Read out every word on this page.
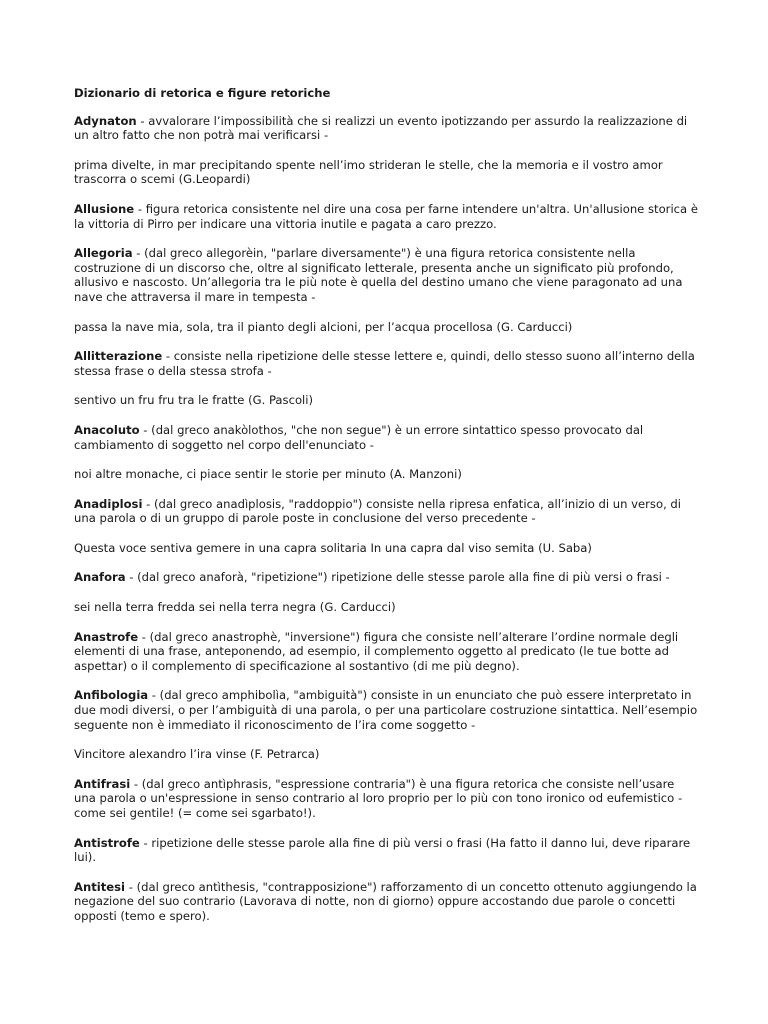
Dizionario di retorica e figure retoriche
Adynaton - avvalorare l’impossibilità che si realizzi un evento ipotizzando per assurdo la realizzazione di un altro fatto che non potrà mai verificarsi -
prima divelte, in mar precipitando spente nell’imo strideran le stelle, che la memoria e il vostro amor trascorra o scemi (G.Leopardi)
Allusione - figura retorica consistente nel dire una cosa per farne intendere un'altra. Un'allusione storica è la vittoria di Pirro per indicare una vittoria inutile e pagata a caro prezzo.
Allegoria - (dal greco allegorèin, "parlare diversamente") è una figura retorica consistente nella costruzione di un discorso che, oltre al significato letterale, presenta anche un significato più profondo, allusivo e nascosto. Un’allegoria tra le più note è quella del destino umano che viene paragonato ad una nave che attraversa il mare in tempesta -
passa la nave mia, sola, tra il pianto degli alcioni, per l’acqua procellosa (G. Carducci)
Allitterazione - consiste nella ripetizione delle stesse lettere e, quindi, dello stesso suono all’interno della stessa frase o della stessa strofa -
sentivo un fru fru tra le fratte (G. Pascoli)
Anacoluto - (dal greco anakòlothos, "che non segue") è un errore sintattico spesso provocato dal cambiamento di soggetto nel corpo dell'enunciato -
noi altre monache, ci piace sentir le storie per minuto (A. Manzoni)
Anadiplosi - (dal greco anadìplosis, "raddoppio") consiste nella ripresa enfatica, all’inizio di un verso, di una parola o di un gruppo di parole poste in conclusione del verso precedente -
Questa voce sentiva gemere in una capra solitaria In una capra dal viso semita (U. Saba)
Anafora - (dal greco anaforà, "ripetizione") ripetizione delle stesse parole alla fine di più versi o frasi -
sei nella terra fredda sei nella terra negra (G. Carducci)
Anastrofe - (dal greco anastrophè, "inversione") figura che consiste nell’alterare l’ordine normale degli elementi di una frase, anteponendo, ad esempio, il complemento oggetto al predicato (le tue botte ad aspettar) o il complemento di specificazione al sostantivo (di me più degno).
Anfibologia - (dal greco amphibolìa, "ambiguità") consiste in un enunciato che può essere interpretato in due modi diversi, o per l’ambiguità di una parola, o per una particolare costruzione sintattica. Nell’esempio seguente non è immediato il riconoscimento de l’ira come soggetto -
Vincitore alexandro l’ira vinse (F. Petrarca)
Antifrasi - (dal greco antìphrasis, "espressione contraria") è una figura retorica che consiste nell’usare una parola o un'espressione in senso contrario al loro proprio per lo più con tono ironico od eufemistico - come sei gentile! (= come sei sgarbato!).
Antistrofe - ripetizione delle stesse parole alla fine di più versi o frasi (Ha fatto il danno lui, deve riparare lui).
Antitesi - (dal greco antìthesis, "contrapposizione") rafforzamento di un concetto ottenuto aggiungendo la negazione del suo contrario (Lavorava di notte, non di giorno) oppure accostando due parole o concetti opposti (temo e spero).
